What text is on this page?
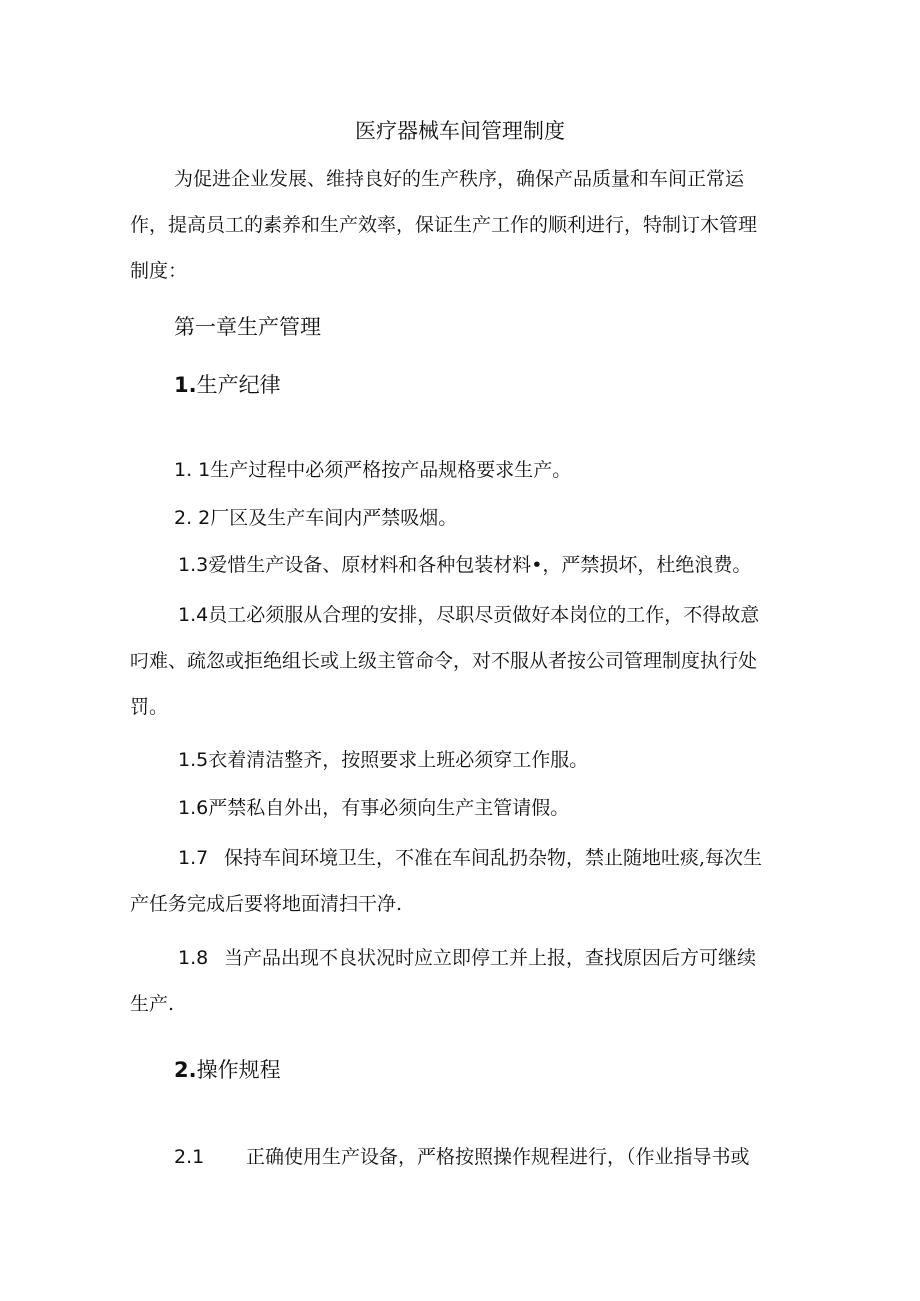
医疗器械车间管理制度

为促进企业发展、维持良好的生产秩序，确保产品质量和车间正常运
作，提高员工的素养和生产效率，保证生产工作的顺利进行，特制订木管理
制度：

第一章生产管理
1.生产纪律

1. 1生产过程中必须严格按产品规格要求生产。

2. 2厂区及生产车间内严禁吸烟。

1.3爱惜生产设备、原材料和各种包装材料•，严禁损坏，杜绝浪费。

1.4员工必须服从合理的安排，尽职尽贡做好本岗位的工作，不得故意
叼难、疏忽或拒绝组长或上级主管命令，对不服从者按公司管理制度执行处
罚。

1.5衣着清洁整齐，按照要求上班必须穿工作服。

1.6严禁私自外出，有事必须向生产主管请假。

1.7 保持车间环境卫生，不准在车间乱扔杂物，禁止随地吐痰,每次生
产任务完成后要将地面清扫干净.

1.8 当产品出现不良状况时应立即停工并上报，查找原因后方可继续
生产.

2.操作规程

2.1 正确使用生产设备，严格按照操作规程进行，（作业指导书或
